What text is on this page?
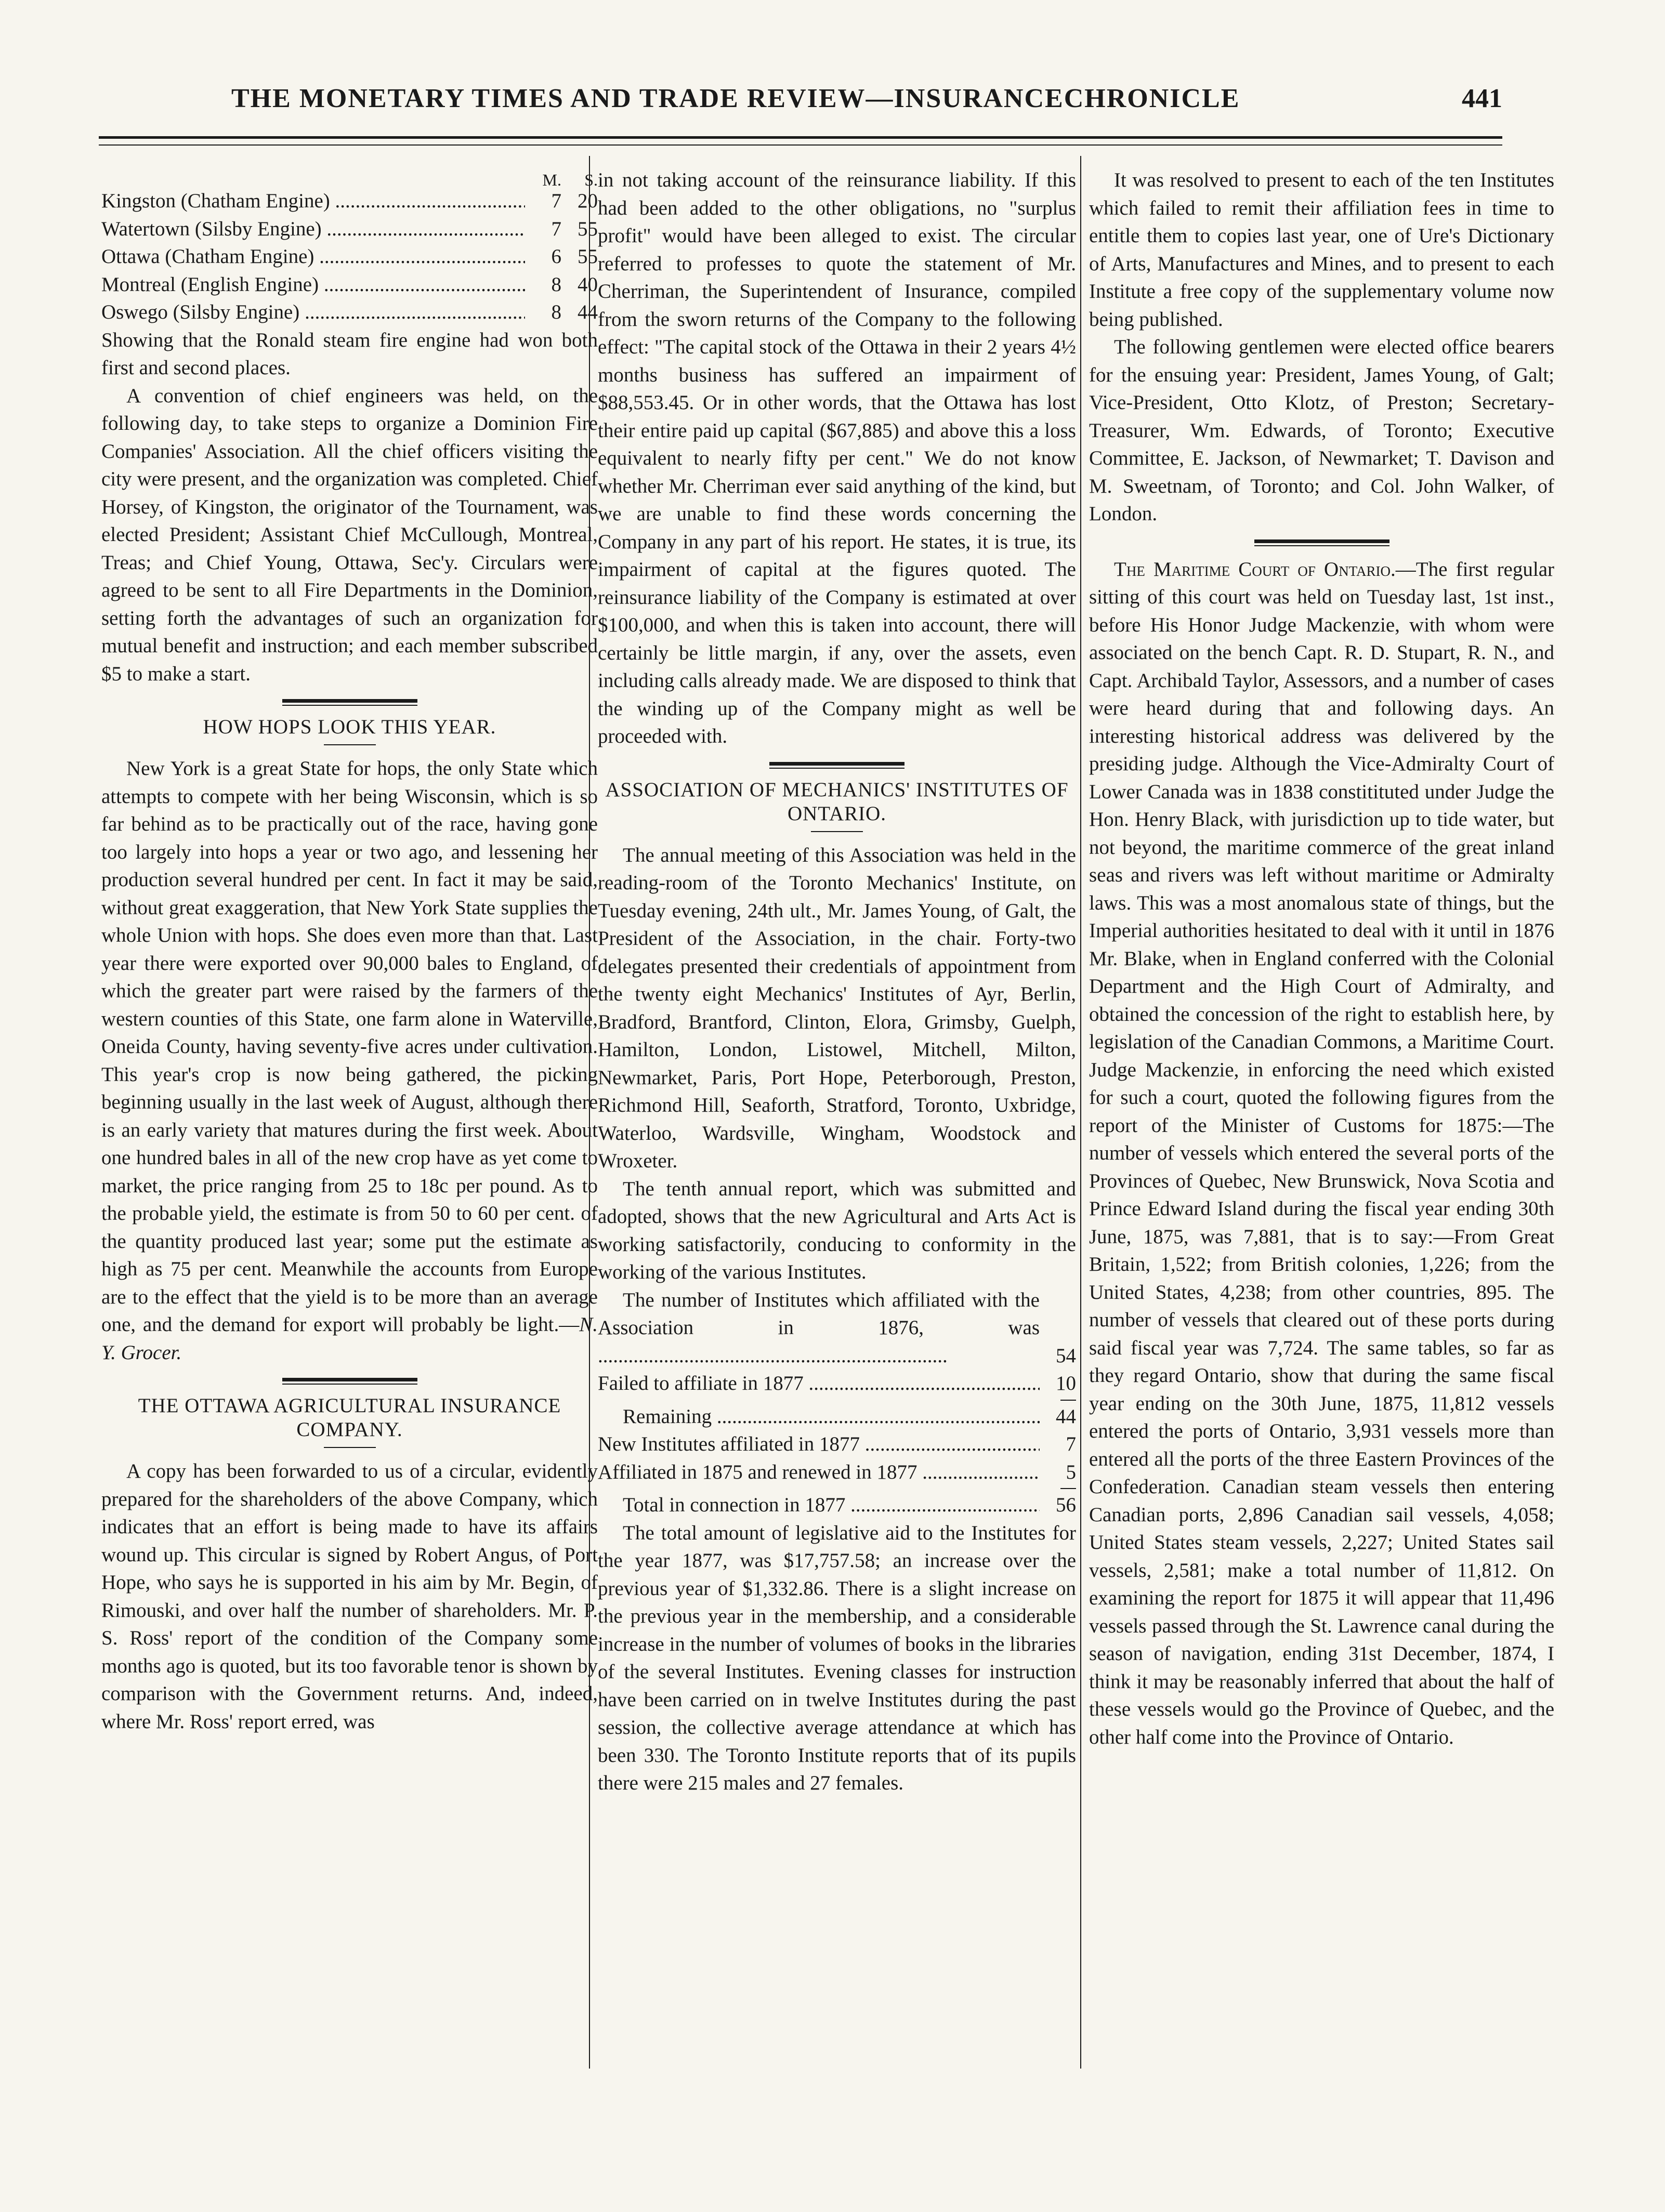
THE MONETARY TIMES AND TRADE REVIEW—INSURANCECHRONICLE	441
M.	S.
Kingston (Chatham Engine) .....	7 20
Watertown (Silsby Engine) .....	7 55
Ottawa (Chatham Engine) .....	6 55
Montreal (English Engine) .....	8 40
Oswego (Silsby Engine) .....	8 44

Showing that the Ronald steam fire engine had won both first and second places.

A convention of chief engineers was held, on the following day, to take steps to organize a Dominion Fire Companies' Association. All the chief officers visiting the city were present, and the organization was completed. Chief Horsey, of Kingston, the originator of the Tournament, was elected President; Assistant Chief McCullough, Montreal, Treas; and Chief Young, Ottawa, Sec'y. Circulars were agreed to be sent to all Fire Departments in the Dominion, setting forth the advantages of such an organization for mutual benefit and instruction; and each member subscribed $5 to make a start.

HOW HOPS LOOK THIS YEAR.

New York is a great State for hops, the only State which attempts to compete with her being Wisconsin, which is so far behind as to be practically out of the race, having gone too largely into hops a year or two ago, and lessening her production several hundred per cent. In fact it may be said, without great exaggeration, that New York State supplies the whole Union with hops. She does even more than that. Last year there were exported over 90,000 bales to England, of which the greater part were raised by the farmers of the western counties of this State, one farm alone in Waterville, Oneida County, having seventy-five acres under cultivation. This year's crop is now being gathered, the picking beginning usually in the last week of August, although there is an early variety that matures during the first week. About one hundred bales in all of the new crop have as yet come to market, the price ranging from 25 to 18c per pound. As to the probable yield, the estimate is from 50 to 60 per cent. of the quantity produced last year; some put the estimate as high as 75 per cent. Meanwhile the accounts from Europe are to the effect that the yield is to be more than an average one, and the demand for export will probably be light.—N. Y. Grocer.

THE OTTAWA AGRICULTURAL INSURANCE COMPANY.

A copy has been forwarded to us of a circular, evidently prepared for the shareholders of the above Company, which indicates that an effort is being made to have its affairs wound up. This circular is signed by Robert Angus, of Port Hope, who says he is supported in his aim by Mr. Begin, of Rimouski, and over half the number of shareholders. Mr. P. S. Ross' report of the condition of the Company some months ago is quoted, but its too favorable tenor is shown by comparison with the Government returns. And, indeed, where Mr. Ross' report erred, was

in not taking account of the reinsurance liability. If this had been added to the other obligations, no "surplus profit" would have been alleged to exist. The circular referred to professes to quote the statement of Mr. Cherriman, the Superintendent of Insurance, compiled from the sworn returns of the Company to the following effect: "The capital stock of the Ottawa in their 2 years 4½ months business has suffered an impairment of $88,553.45. Or in other words, that the Ottawa has lost their entire paid up capital ($67,885) and above this a loss equivalent to nearly fifty per cent." We do not know whether Mr. Cherriman ever said anything of the kind, but we are unable to find these words concerning the Company in any part of his report. He states, it is true, its impairment of capital at the figures quoted. The reinsurance liability of the Company is estimated at over $100,000, and when this is taken into account, there will certainly be little margin, if any, over the assets, even including calls already made. We are disposed to think that the winding up of the Company might as well be proceeded with.

ASSOCIATION OF MECHANICS' INSTITUTES OF ONTARIO.

The annual meeting of this Association was held in the reading-room of the Toronto Mechanics' Institute, on Tuesday evening, 24th ult., Mr. James Young, of Galt, the President of the Association, in the chair. Forty-two delegates presented their credentials of appointment from the twenty eight Mechanics' Institutes of Ayr, Berlin, Bradford, Brantford, Clinton, Elora, Grimsby, Guelph, Hamilton, London, Listowel, Mitchell, Milton, Newmarket, Paris, Port Hope, Peterborough, Preston, Richmond Hill, Seaforth, Stratford, Toronto, Uxbridge, Waterloo, Wardsville, Wingham, Woodstock and Wroxeter.

The tenth annual report, which was submitted and adopted, shows that the new Agricultural and Arts Act is working satisfactorily, conducing to conformity in the working of the various Institutes.

The number of Institutes which affiliated with the Association in 1876, was .....
54
Failed to affiliate in 1877 .....	10
Remaining .....	44
New Institutes affiliated in 1877 .....	7
Affiliated in 1875 and renewed in 1877 .....	5
Total in connection in 1877 .....	56

The total amount of legislative aid to the Institutes for the year 1877, was $17,757.58; an increase over the previous year of $1,332.86. There is a slight increase on the previous year in the membership, and a considerable increase in the number of volumes of books in the libraries of the several Institutes. Evening classes for instruction have been carried on in twelve Institutes during the past session, the collective average attendance at which has been 330. The Toronto Institute reports that of its pupils there were 215 males and 27 females.

It was resolved to present to each of the ten Institutes which failed to remit their affiliation fees in time to entitle them to copies last year, one of Ure's Dictionary of Arts, Manufactures and Mines, and to present to each Institute a free copy of the supplementary volume now being published.

The following gentlemen were elected office bearers for the ensuing year: President, James Young, of Galt; Vice-President, Otto Klotz, of Preston; Secretary-Treasurer, Wm. Edwards, of Toronto; Executive Committee, E. Jackson, of Newmarket; T. Davison and M. Sweetnam, of Toronto; and Col. John Walker, of London.

The Maritime Court of Ontario.—The first regular sitting of this court was held on Tuesday last, 1st inst., before His Honor Judge Mackenzie, with whom were associated on the bench Capt. R. D. Stupart, R. N., and Capt. Archibald Taylor, Assessors, and a number of cases were heard during that and following days. An interesting historical address was delivered by the presiding judge. Although the Vice-Admiralty Court of Lower Canada was in 1838 constitituted under Judge the Hon. Henry Black, with jurisdiction up to tide water, but not beyond, the maritime commerce of the great inland seas and rivers was left without maritime or Admiralty laws. This was a most anomalous state of things, but the Imperial authorities hesitated to deal with it until in 1876 Mr. Blake, when in England conferred with the Colonial Department and the High Court of Admiralty, and obtained the concession of the right to establish here, by legislation of the Canadian Commons, a Maritime Court. Judge Mackenzie, in enforcing the need which existed for such a court, quoted the following figures from the report of the Minister of Customs for 1875:—The number of vessels which entered the several ports of the Provinces of Quebec, New Brunswick, Nova Scotia and Prince Edward Island during the fiscal year ending 30th June, 1875, was 7,881, that is to say:—From Great Britain, 1,522; from British colonies, 1,226; from the United States, 4,238; from other countries, 895. The number of vessels that cleared out of these ports during said fiscal year was 7,724. The same tables, so far as they regard Ontario, show that during the same fiscal year ending on the 30th June, 1875, 11,812 vessels entered the ports of Ontario, 3,931 vessels more than entered all the ports of the three Eastern Provinces of the Confederation. Canadian steam vessels then entering Canadian ports, 2,896 Canadian sail vessels, 4,058; United States steam vessels, 2,227; United States sail vessels, 2,581; make a total number of 11,812. On examining the report for 1875 it will appear that 11,496 vessels passed through the St. Lawrence canal during the season of navigation, ending 31st December, 1874, I think it may be reasonably inferred that about the half of these vessels would go the Province of Quebec, and the other half come into the Province of Ontario.
